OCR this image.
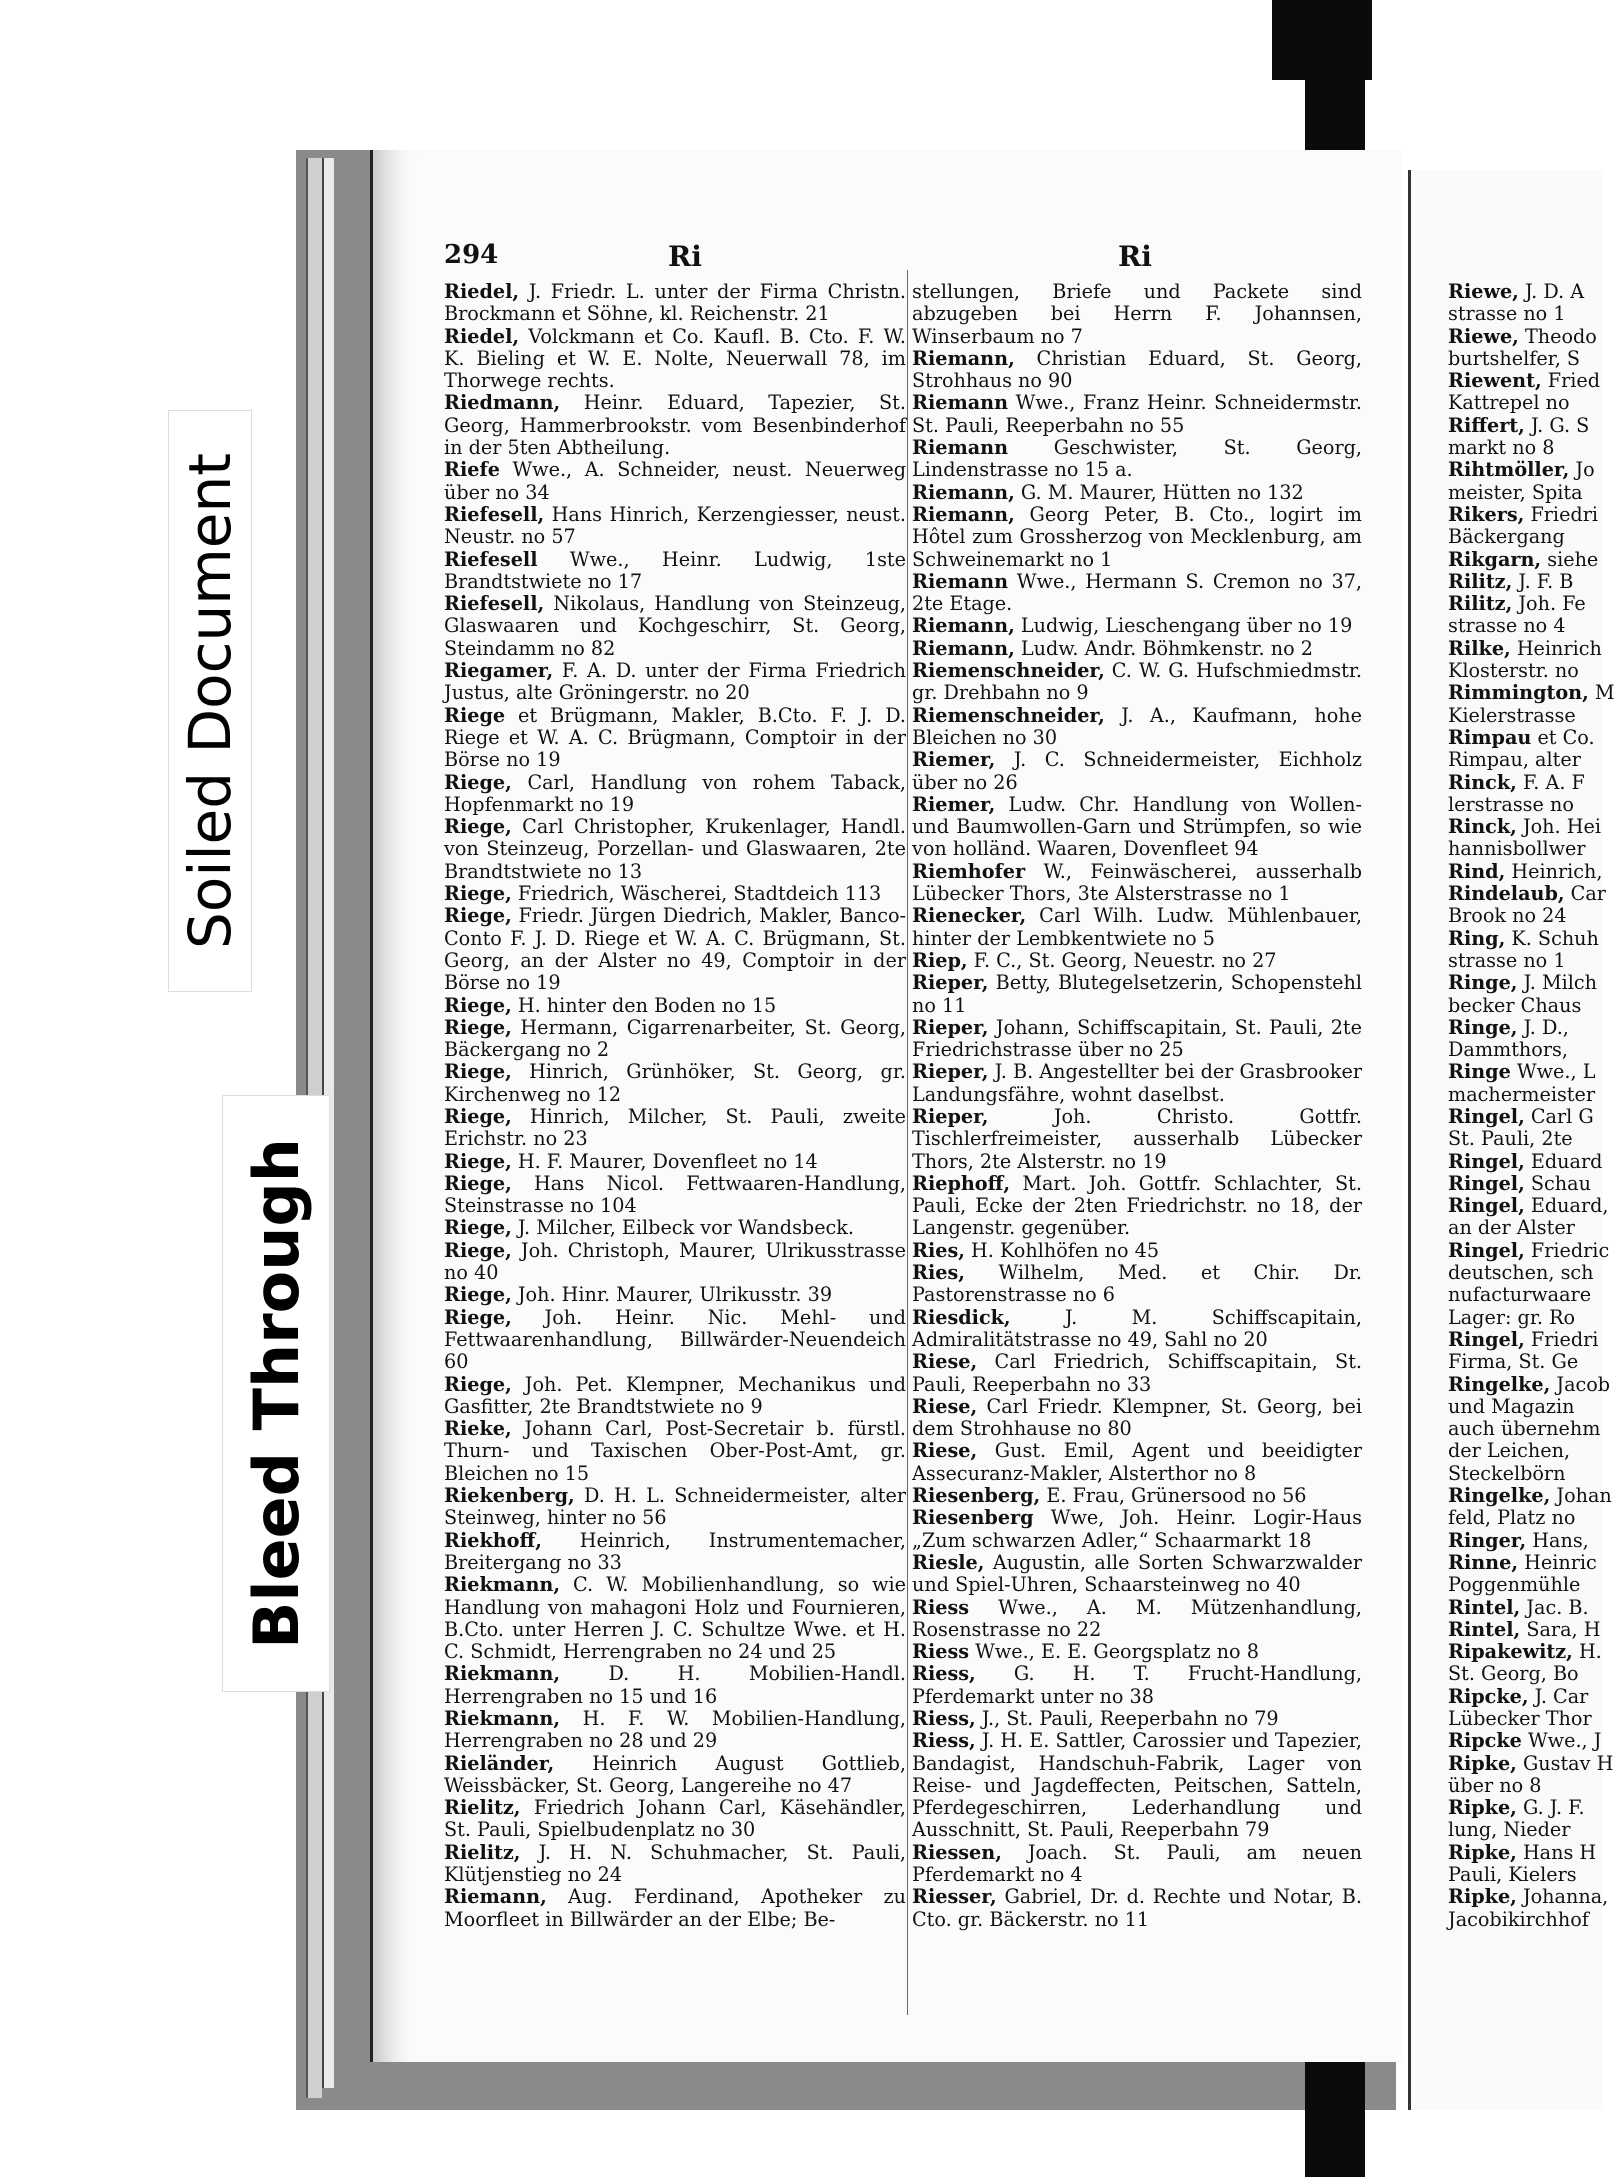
Soiled Document
Bleed Through
294	Ri	Ri
Riedel, J. Friedr. L. unter der Firma Christn. Brockmann et Söhne, kl. Reichenstr. 21
Riedel, Volckmann et Co. Kaufl. B. Cto. F. W. K. Bieling et W. E. Nolte, Neuerwall 78, im Thorwege rechts.
Riedmann, Heinr. Eduard, Tapezier, St. Georg, Hammerbrookstr. vom Besenbinderhof in der 5ten Abtheilung.
Riefe Wwe., A. Schneider, neust. Neuerweg über no 34
Riefesell, Hans Hinrich, Kerzengiesser, neust. Neustr. no 57
Riefesell Wwe., Heinr. Ludwig, 1ste Brandtstwiete no 17
Riefesell, Nikolaus, Handlung von Steinzeug, Glaswaaren und Kochgeschirr, St. Georg, Steindamm no 82
Riegamer, F. A. D. unter der Firma Friedrich Justus, alte Gröningerstr. no 20
Riege et Brügmann, Makler, B.Cto. F. J. D. Riege et W. A. C. Brügmann, Comptoir in der Börse no 19
Riege, Carl, Handlung von rohem Taback, Hopfenmarkt no 19
Riege, Carl Christopher, Krukenlager, Handl. von Steinzeug, Porzellan- und Glaswaaren, 2te Brandtstwiete no 13
Riege, Friedrich, Wäscherei, Stadtdeich 113
Riege, Friedr. Jürgen Diedrich, Makler, Banco-Conto F. J. D. Riege et W. A. C. Brügmann, St. Georg, an der Alster no 49, Comptoir in der Börse no 19
Riege, H. hinter den Boden no 15
Riege, Hermann, Cigarrenarbeiter, St. Georg, Bäckergang no 2
Riege, Hinrich, Grünhöker, St. Georg, gr. Kirchenweg no 12
Riege, Hinrich, Milcher, St. Pauli, zweite Erichstr. no 23
Riege, H. F. Maurer, Dovenfleet no 14
Riege, Hans Nicol. Fettwaaren-Handlung, Steinstrasse no 104
Riege, J. Milcher, Eilbeck vor Wandsbeck.
Riege, Joh. Christoph, Maurer, Ulrikusstrasse no 40
Riege, Joh. Hinr. Maurer, Ulrikusstr. 39
Riege, Joh. Heinr. Nic. Mehl- und Fettwaarenhandlung, Billwärder-Neuendeich 60
Riege, Joh. Pet. Klempner, Mechanikus und Gasfitter, 2te Brandtstwiete no 9
Rieke, Johann Carl, Post-Secretair b. fürstl. Thurn- und Taxischen Ober-Post-Amt, gr. Bleichen no 15
Riekenberg, D. H. L. Schneidermeister, alter Steinweg, hinter no 56
Riekhoff, Heinrich, Instrumentemacher, Breitergang no 33
Riekmann, C. W. Mobilienhandlung, so wie Handlung von mahagoni Holz und Fournieren, B.Cto. unter Herren J. C. Schultze Wwe. et H. C. Schmidt, Herrengraben no 24 und 25
Riekmann, D. H. Mobilien-Handl. Herrengraben no 15 und 16
Riekmann, H. F. W. Mobilien-Handlung, Herrengraben no 28 und 29
Rieländer, Heinrich August Gottlieb, Weissbäcker, St. Georg, Langereihe no 47
Rielitz, Friedrich Johann Carl, Käsehändler, St. Pauli, Spielbudenplatz no 30
Rielitz, J. H. N. Schuhmacher, St. Pauli, Klütjenstieg no 24
Riemann, Aug. Ferdinand, Apotheker zu Moorfleet in Billwärder an der Elbe; Be-
stellungen, Briefe und Packete sind abzugeben bei Herrn F. Johannsen, Winserbaum no 7
Riemann, Christian Eduard, St. Georg, Strohhaus no 90
Riemann Wwe., Franz Heinr. Schneidermstr. St. Pauli, Reeperbahn no 55
Riemann Geschwister, St. Georg, Lindenstrasse no 15 a.
Riemann, G. M. Maurer, Hütten no 132
Riemann, Georg Peter, B. Cto., logirt im Hôtel zum Grossherzog von Mecklenburg, am Schweinemarkt no 1
Riemann Wwe., Hermann S. Cremon no 37, 2te Etage.
Riemann, Ludwig, Lieschengang über no 19
Riemann, Ludw. Andr. Böhmkenstr. no 2
Riemenschneider, C. W. G. Hufschmiedmstr. gr. Drehbahn no 9
Riemenschneider, J. A., Kaufmann, hohe Bleichen no 30
Riemer, J. C. Schneidermeister, Eichholz über no 26
Riemer, Ludw. Chr. Handlung von Wollen- und Baumwollen-Garn und Strümpfen, so wie von holländ. Waaren, Dovenfleet 94
Riemhofer W., Feinwäscherei, ausserhalb Lübecker Thors, 3te Alsterstrasse no 1
Rienecker, Carl Wilh. Ludw. Mühlenbauer, hinter der Lembkentwiete no 5
Riep, F. C., St. Georg, Neuestr. no 27
Rieper, Betty, Blutegelsetzerin, Schopenstehl no 11
Rieper, Johann, Schiffscapitain, St. Pauli, 2te Friedrichstrasse über no 25
Rieper, J. B. Angestellter bei der Grasbrooker Landungsfähre, wohnt daselbst.
Rieper, Joh. Christo. Gottfr. Tischlerfreimeister, ausserhalb Lübecker Thors, 2te Alsterstr. no 19
Riephoff, Mart. Joh. Gottfr. Schlachter, St. Pauli, Ecke der 2ten Friedrichstr. no 18, der Langenstr. gegenüber.
Ries, H. Kohlhöfen no 45
Ries, Wilhelm, Med. et Chir. Dr. Pastorenstrasse no 6
Riesdick, J. M. Schiffscapitain, Admiralitätstrasse no 49, Sahl no 20
Riese, Carl Friedrich, Schiffscapitain, St. Pauli, Reeperbahn no 33
Riese, Carl Friedr. Klempner, St. Georg, bei dem Strohhause no 80
Riese, Gust. Emil, Agent und beeidigter Assecuranz-Makler, Alsterthor no 8
Riesenberg, E. Frau, Grünersood no 56
Riesenberg Wwe, Joh. Heinr. Logir-Haus „Zum schwarzen Adler,“ Schaarmarkt 18
Riesle, Augustin, alle Sorten Schwarzwalder und Spiel-Uhren, Schaarsteinweg no 40
Riess Wwe., A. M. Mützenhandlung, Rosenstrasse no 22
Riess Wwe., E. E. Georgsplatz no 8
Riess, G. H. T. Frucht-Handlung, Pferdemarkt unter no 38
Riess, J., St. Pauli, Reeperbahn no 79
Riess, J. H. E. Sattler, Carossier und Tapezier, Bandagist, Handschuh-Fabrik, Lager von Reise- und Jagdeffecten, Peitschen, Satteln, Pferdegeschirren, Lederhandlung und Ausschnitt, St. Pauli, Reeperbahn 79
Riessen, Joach. St. Pauli, am neuen Pferdemarkt no 4
Riesser, Gabriel, Dr. d. Rechte und Notar, B. Cto. gr. Bäckerstr. no 11
Riewe, J. D. A
strasse no 1
Riewe, Theodo
burtshelfer, S
Riewent, Fried
Kattrepel no
Riffert, J. G. S
markt no 8
Rihtmöller, Jo
meister, Spita
Rikers, Friedri
Bäckergang
Rikgarn, siehe
Rilitz, J. F. B
Rilitz, Joh. Fe
strasse no 4
Rilke, Heinrich
Klosterstr. no
Rimmington, M
Kielerstrasse
Rimpau et Co.
Rimpau, alter
Rinck, F. A. F
lerstrasse no
Rinck, Joh. Hei
hannisbollwer
Rind, Heinrich,
Rindelaub, Car
Brook no 24
Ring, K. Schuh
strasse no 1
Ringe, J. Milch
becker Chaus
Ringe, J. D.,
Dammthors,
Ringe Wwe., L
machermeister
Ringel, Carl G
St. Pauli, 2te
Ringel, Eduard
Ringel, Schau
Ringel, Eduard,
an der Alster
Ringel, Friedric
deutschen, sch
nufacturwaare
Lager: gr. Ro
Ringel, Friedri
Firma, St. Ge
Ringelke, Jacob
und Magazin
auch übernehm
der Leichen,
Steckelbörn
Ringelke, Johan
feld, Platz no
Ringer, Hans,
Rinne, Heinric
Poggenmühle
Rintel, Jac. B.
Rintel, Sara, H
Ripakewitz, H.
St. Georg, Bo
Ripcke, J. Car
Lübecker Thor
Ripcke Wwe., J
Ripke, Gustav H
über no 8
Ripke, G. J. F.
lung, Nieder
Ripke, Hans H
Pauli, Kielers
Ripke, Johanna,
Jacobikirchhof
